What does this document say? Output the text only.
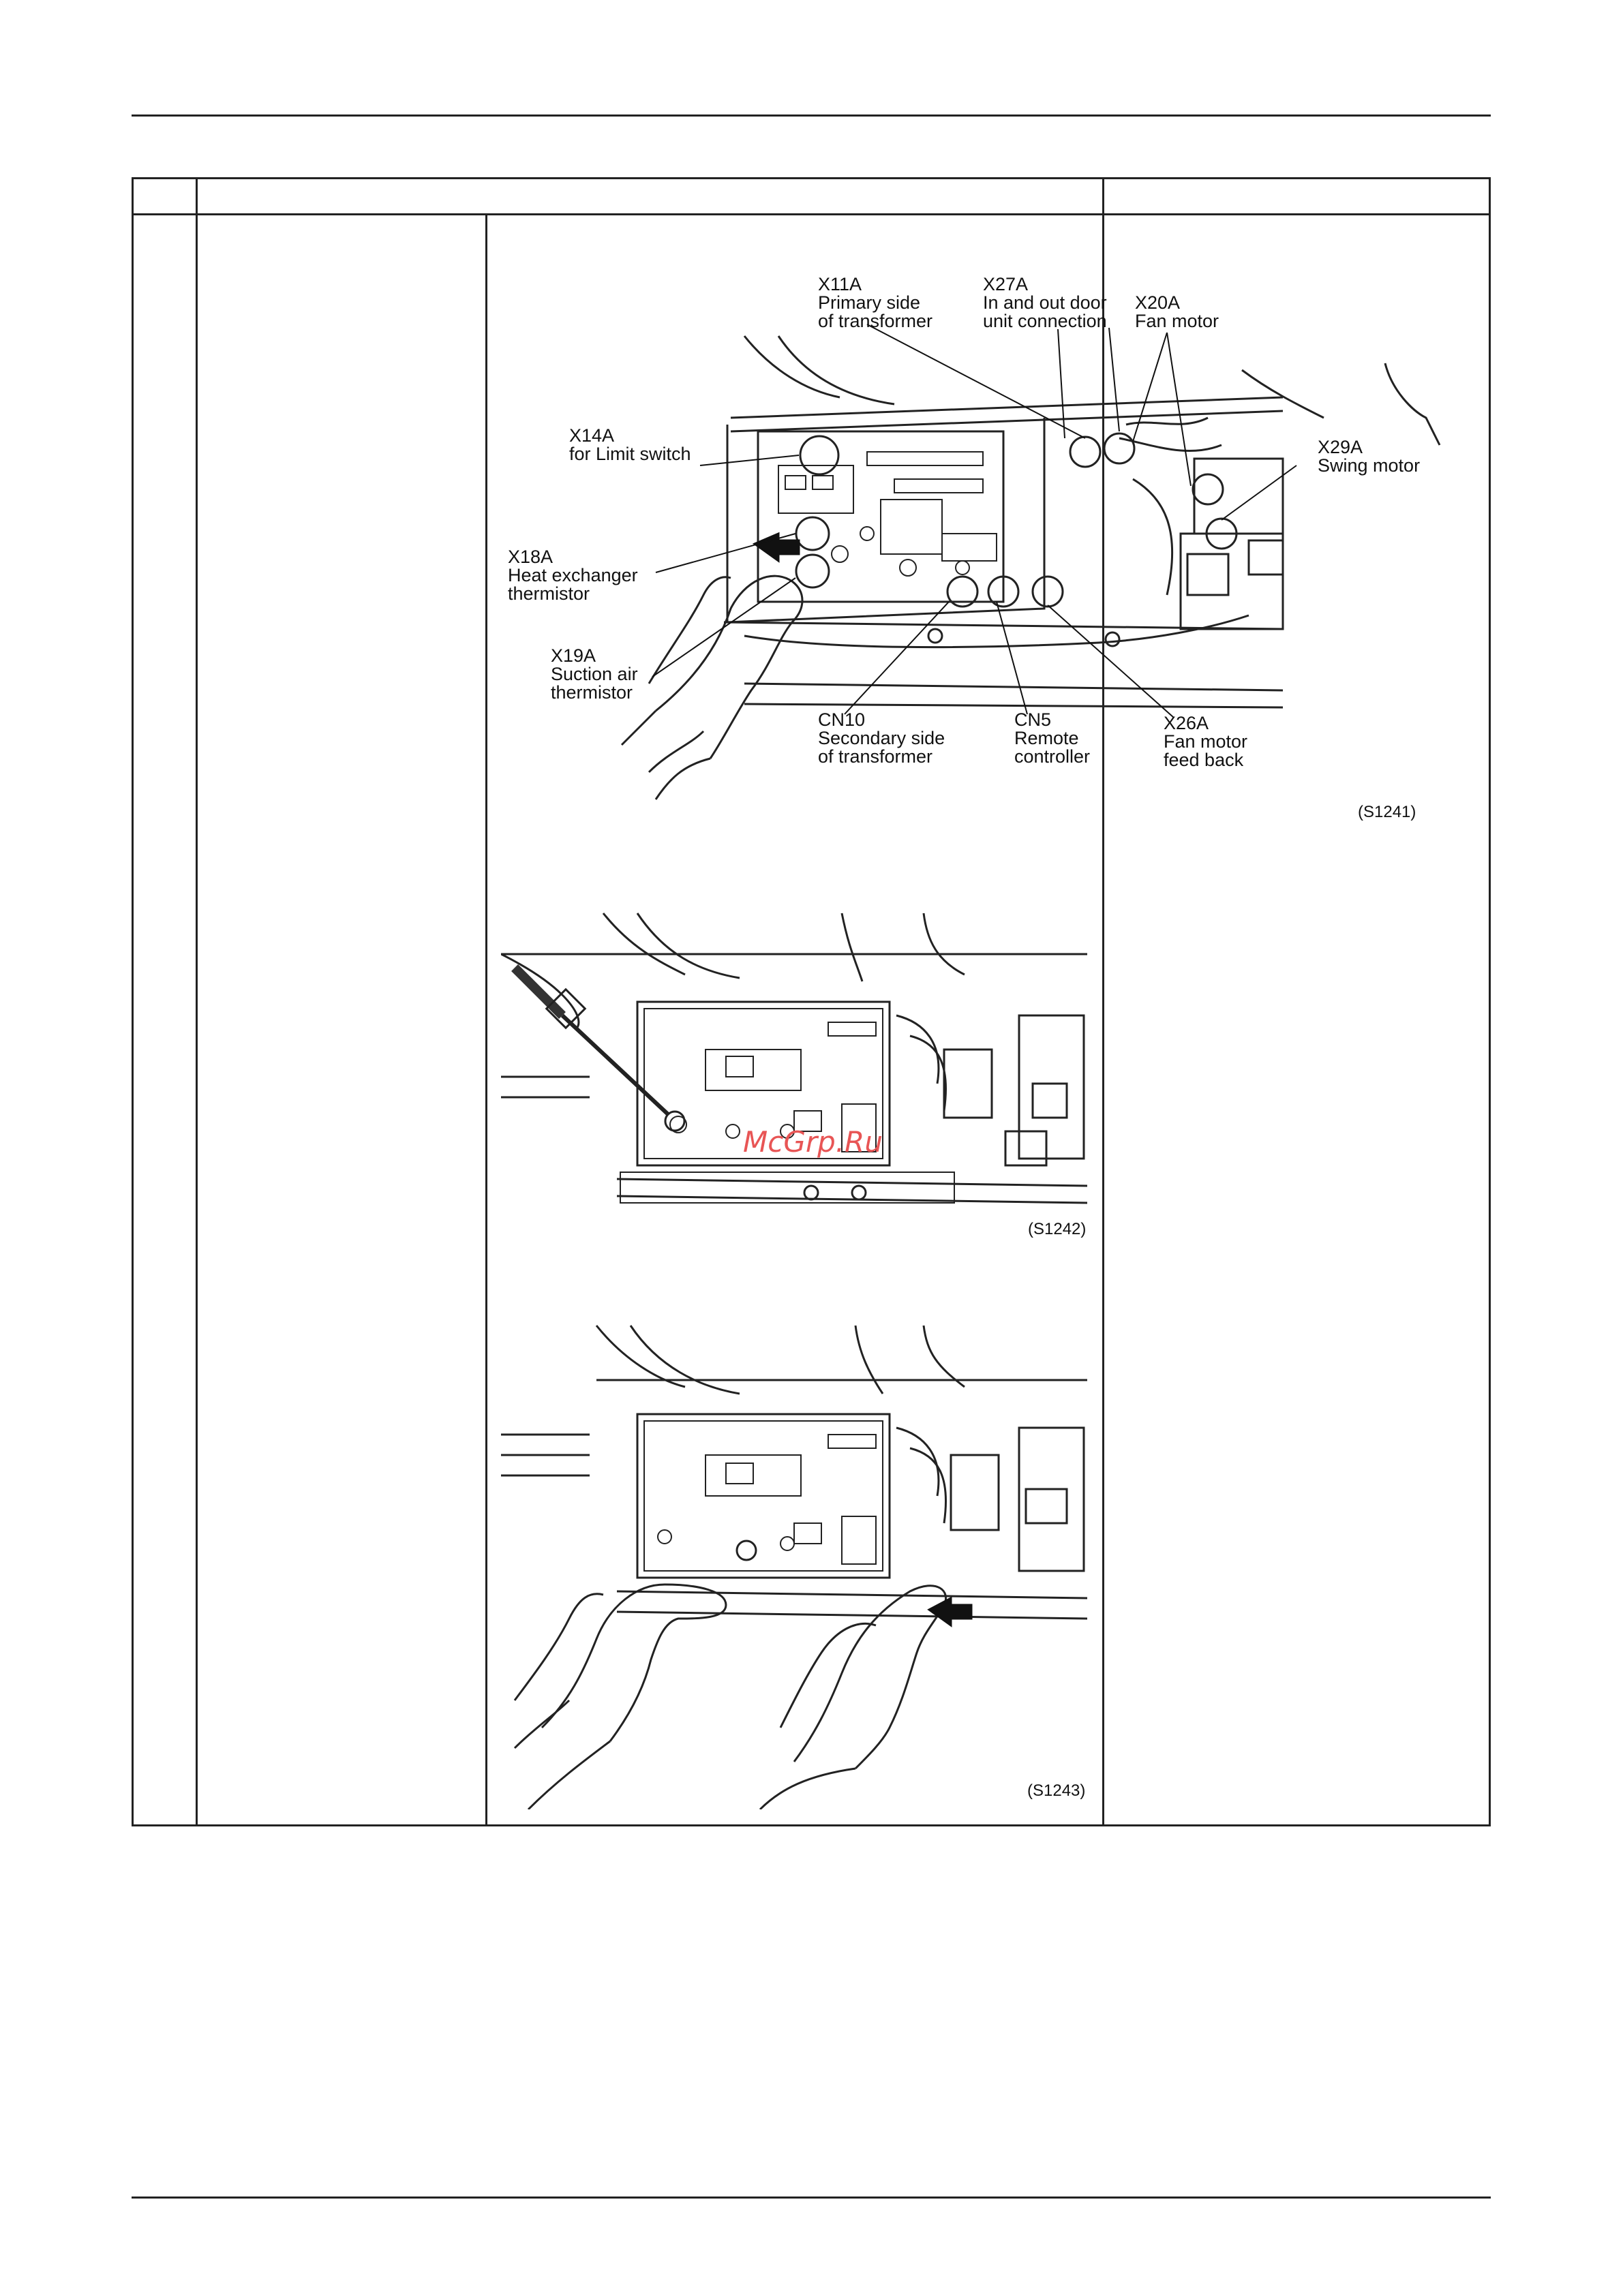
X11A
Primary side
of transformer
X27A
In and out door
unit connection
X20A
Fan motor
X14A
for Limit switch	X29A
Swing motor
X18A
Heat exchanger
thermistor
X19A
Suction air
thermistor
CN10
Secondary side
of transformer
CN5
Remote
controller
X26A
Fan motor
feed back
(S1241)
McGrp.Ru
(S1242)
(S1243)
